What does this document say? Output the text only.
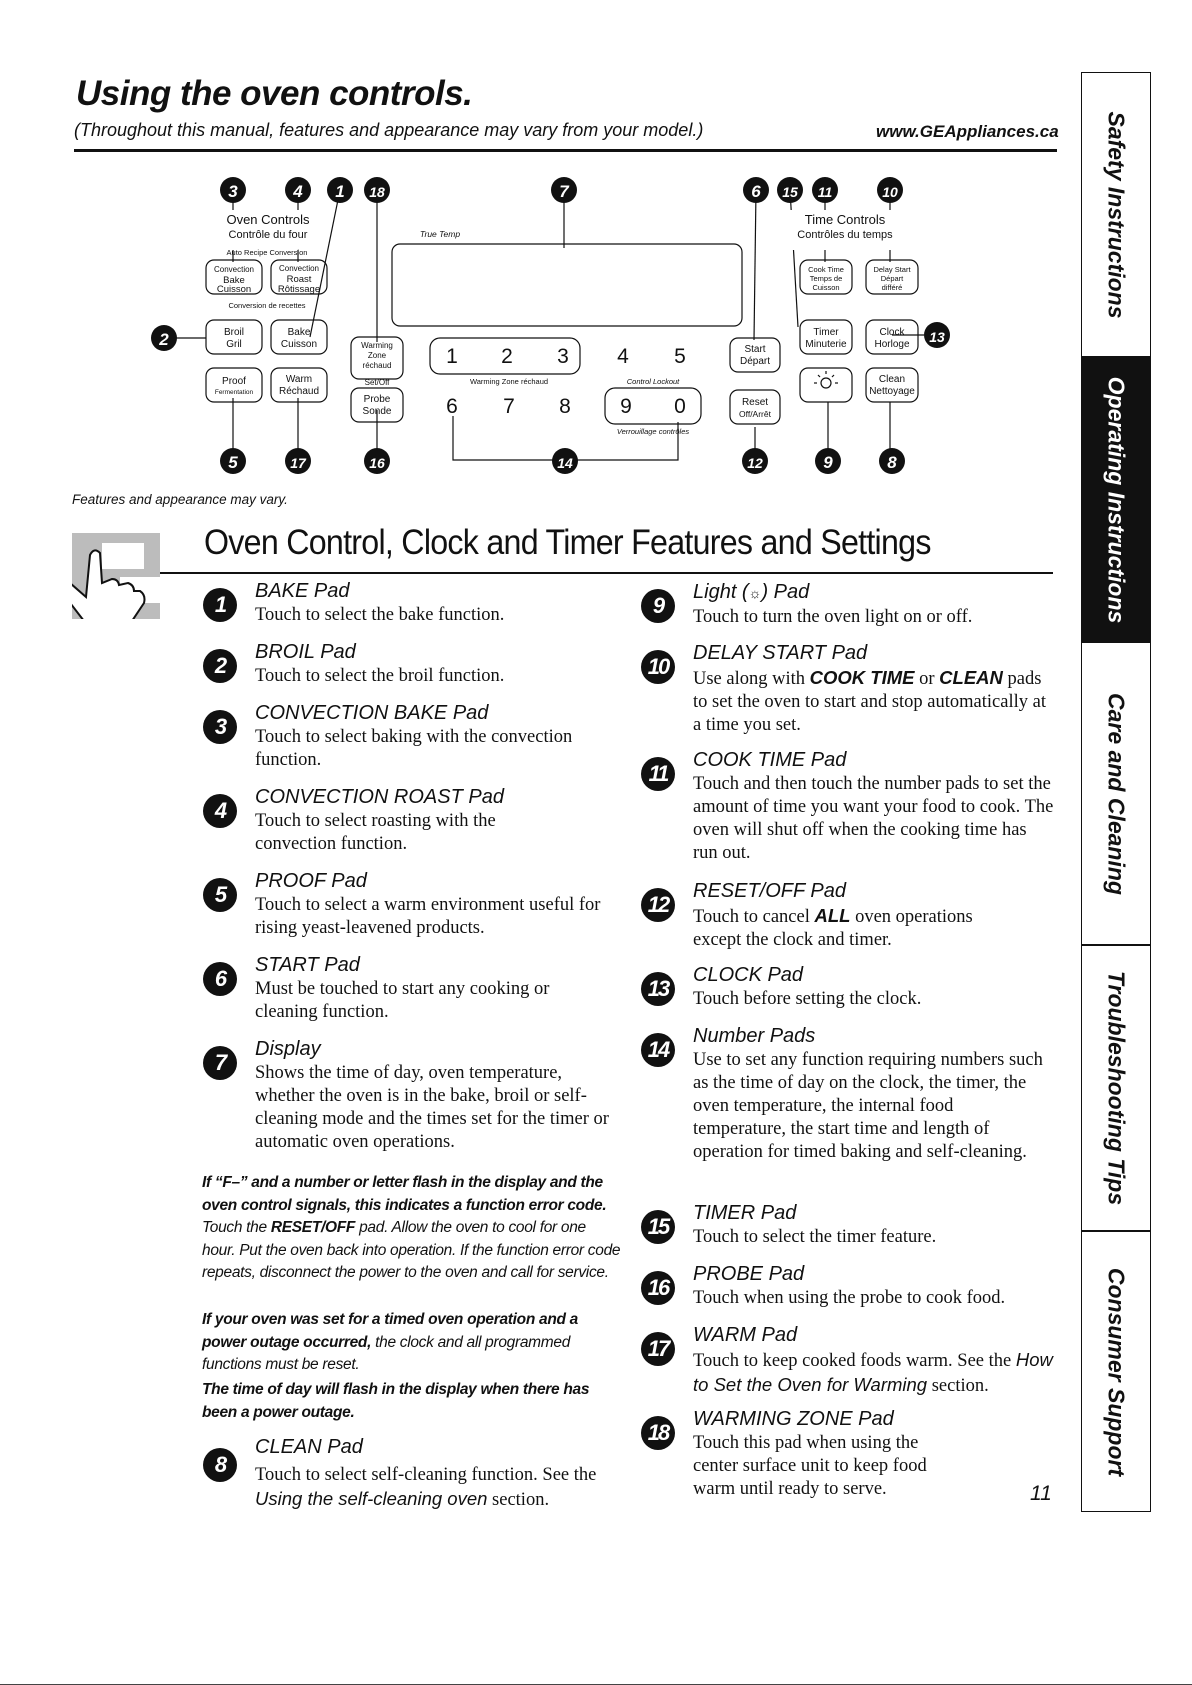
Using the oven controls.
(Throughout this manual, features and appearance may vary from your model.)	www.GEAppliances.ca Safety Instructions
Operating Instructions
Care and Cleaning
Troubleshooting Tips
Consumer Support
3	4 1 18	7	6 15 11	10
2	13
5	17	16	14	12	9	8
Oven Controls
Contrôle du four
Auto Recipe Conversion
Conversion de recettes
Time Controls
Contrôles du temps
True Temp
Warming Zone réchaud	Control Lockout
Verrouillage contrôles
Set/Off
Convection
Bake
Cuisson
Convection
Roast
Rôtissage
Broil
Gril
Bake
Cuisson
Proof
Fermentation
Warm
Réchaud
Warming
Zone
réchaud
Probe
Sonde
Start
Départ
Reset
Off/Arrêt
Cook Time
Temps de
Cuisson
Delay Start
Départ
différé
Timer
Minuterie
Clock
Horloge
Clean
Nettoyage
1 2 3 4 5
6 7 8 9 0
Features and appearance may vary.
Oven Control, Clock and Timer Features and Settings
1
BAKE Pad
Touch to select the bake function.
2
BROIL Pad
Touch to select the broil function.
3
CONVECTION BAKE Pad
Touch to select baking with the convection function.
4
CONVECTION ROAST Pad
Touch to select roasting with the convection function.
5
PROOF Pad
Touch to select a warm environment useful for rising yeast-leavened products.
6
START Pad
Must be touched to start any cooking or cleaning function.
7
Display
Shows the time of day, oven temperature, whether the oven is in the bake, broil or self-cleaning mode and the times set for the timer or automatic oven operations.
If “F–” and a number or letter flash in the display and the oven control signals, this indicates a function error code. Touch the RESET/OFF pad. Allow the oven to cool for one hour. Put the oven back into operation. If the function error code repeats, disconnect the power to the oven and call for service.
If your oven was set for a timed oven operation and a power outage occurred, the clock and all programmed functions must be reset.
The time of day will flash in the display when there has been a power outage.
8
CLEAN Pad
Touch to select self-cleaning function. See the Using the self-cleaning oven section.
9
Light (☼) Pad
Touch to turn the oven light on or off.
10
DELAY START Pad
Use along with COOK TIME or CLEAN pads to set the oven to start and stop automatically at a time you set.
11
COOK TIME Pad
Touch and then touch the number pads to set the amount of time you want your food to cook. The oven will shut off when the cooking time has run out.
12
RESET/OFF Pad
Touch to cancel ALL oven operations except the clock and timer.
13
CLOCK Pad
Touch before setting the clock.
14
Number Pads
Use to set any function requiring numbers such as the time of day on the clock, the timer, the oven temperature, the internal food temperature, the start time and length of operation for timed baking and self-cleaning.
15
TIMER Pad
Touch to select the timer feature.
16
PROBE Pad
Touch when using the probe to cook food.
17
WARM Pad
Touch to keep cooked foods warm. See the How to Set the Oven for Warming section.
18
WARMING ZONE Pad
Touch this pad when using the center surface unit to keep food warm until ready to serve.	11
